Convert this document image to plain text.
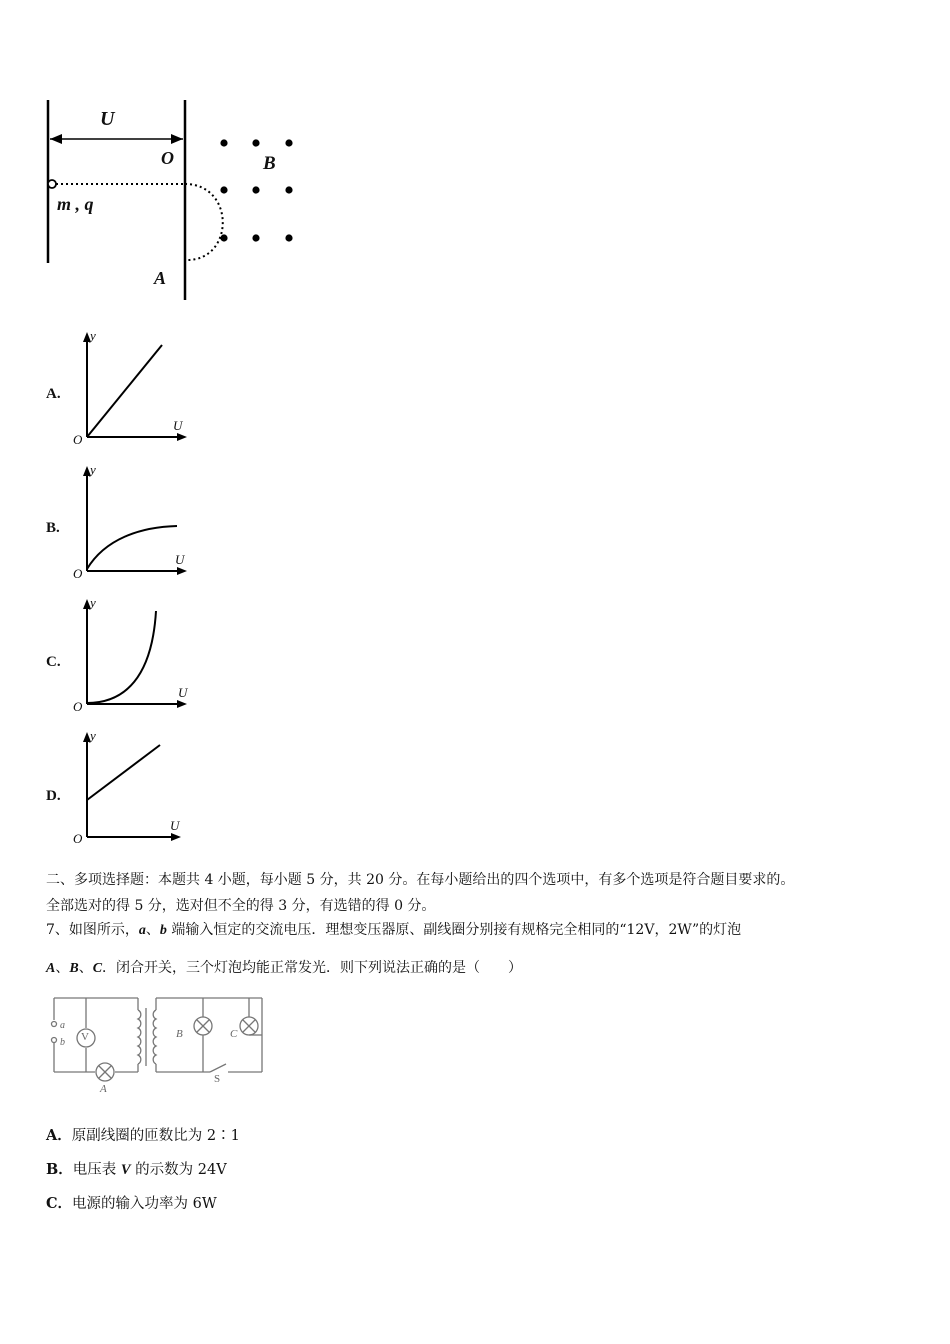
U
O	B
m , q
A
A.
y
U
O
B.
y
U
O
C.
y
U
O
D.
y
U
O
二、多项选择题：本题共 4 小题，每小题 5 分，共 20 分。在每小题给出的四个选项中，有多个选项是符合题目要求的。
全部选对的得 5 分，选对但不全的得 3 分，有选错的得 0 分。
7、如图所示，a、b 端输入恒定的交流电压．理想变压器原、副线圈分别接有规格完全相同的“12V，2W”的灯泡
A、B、C．闭合开关，三个灯泡均能正常发光．则下列说法正确的是（　　）
a
b V
A
B	C
S
A．原副线圈的匝数比为 2∶1
B．电压表 V 的示数为 24V
C．电源的输入功率为 6W
